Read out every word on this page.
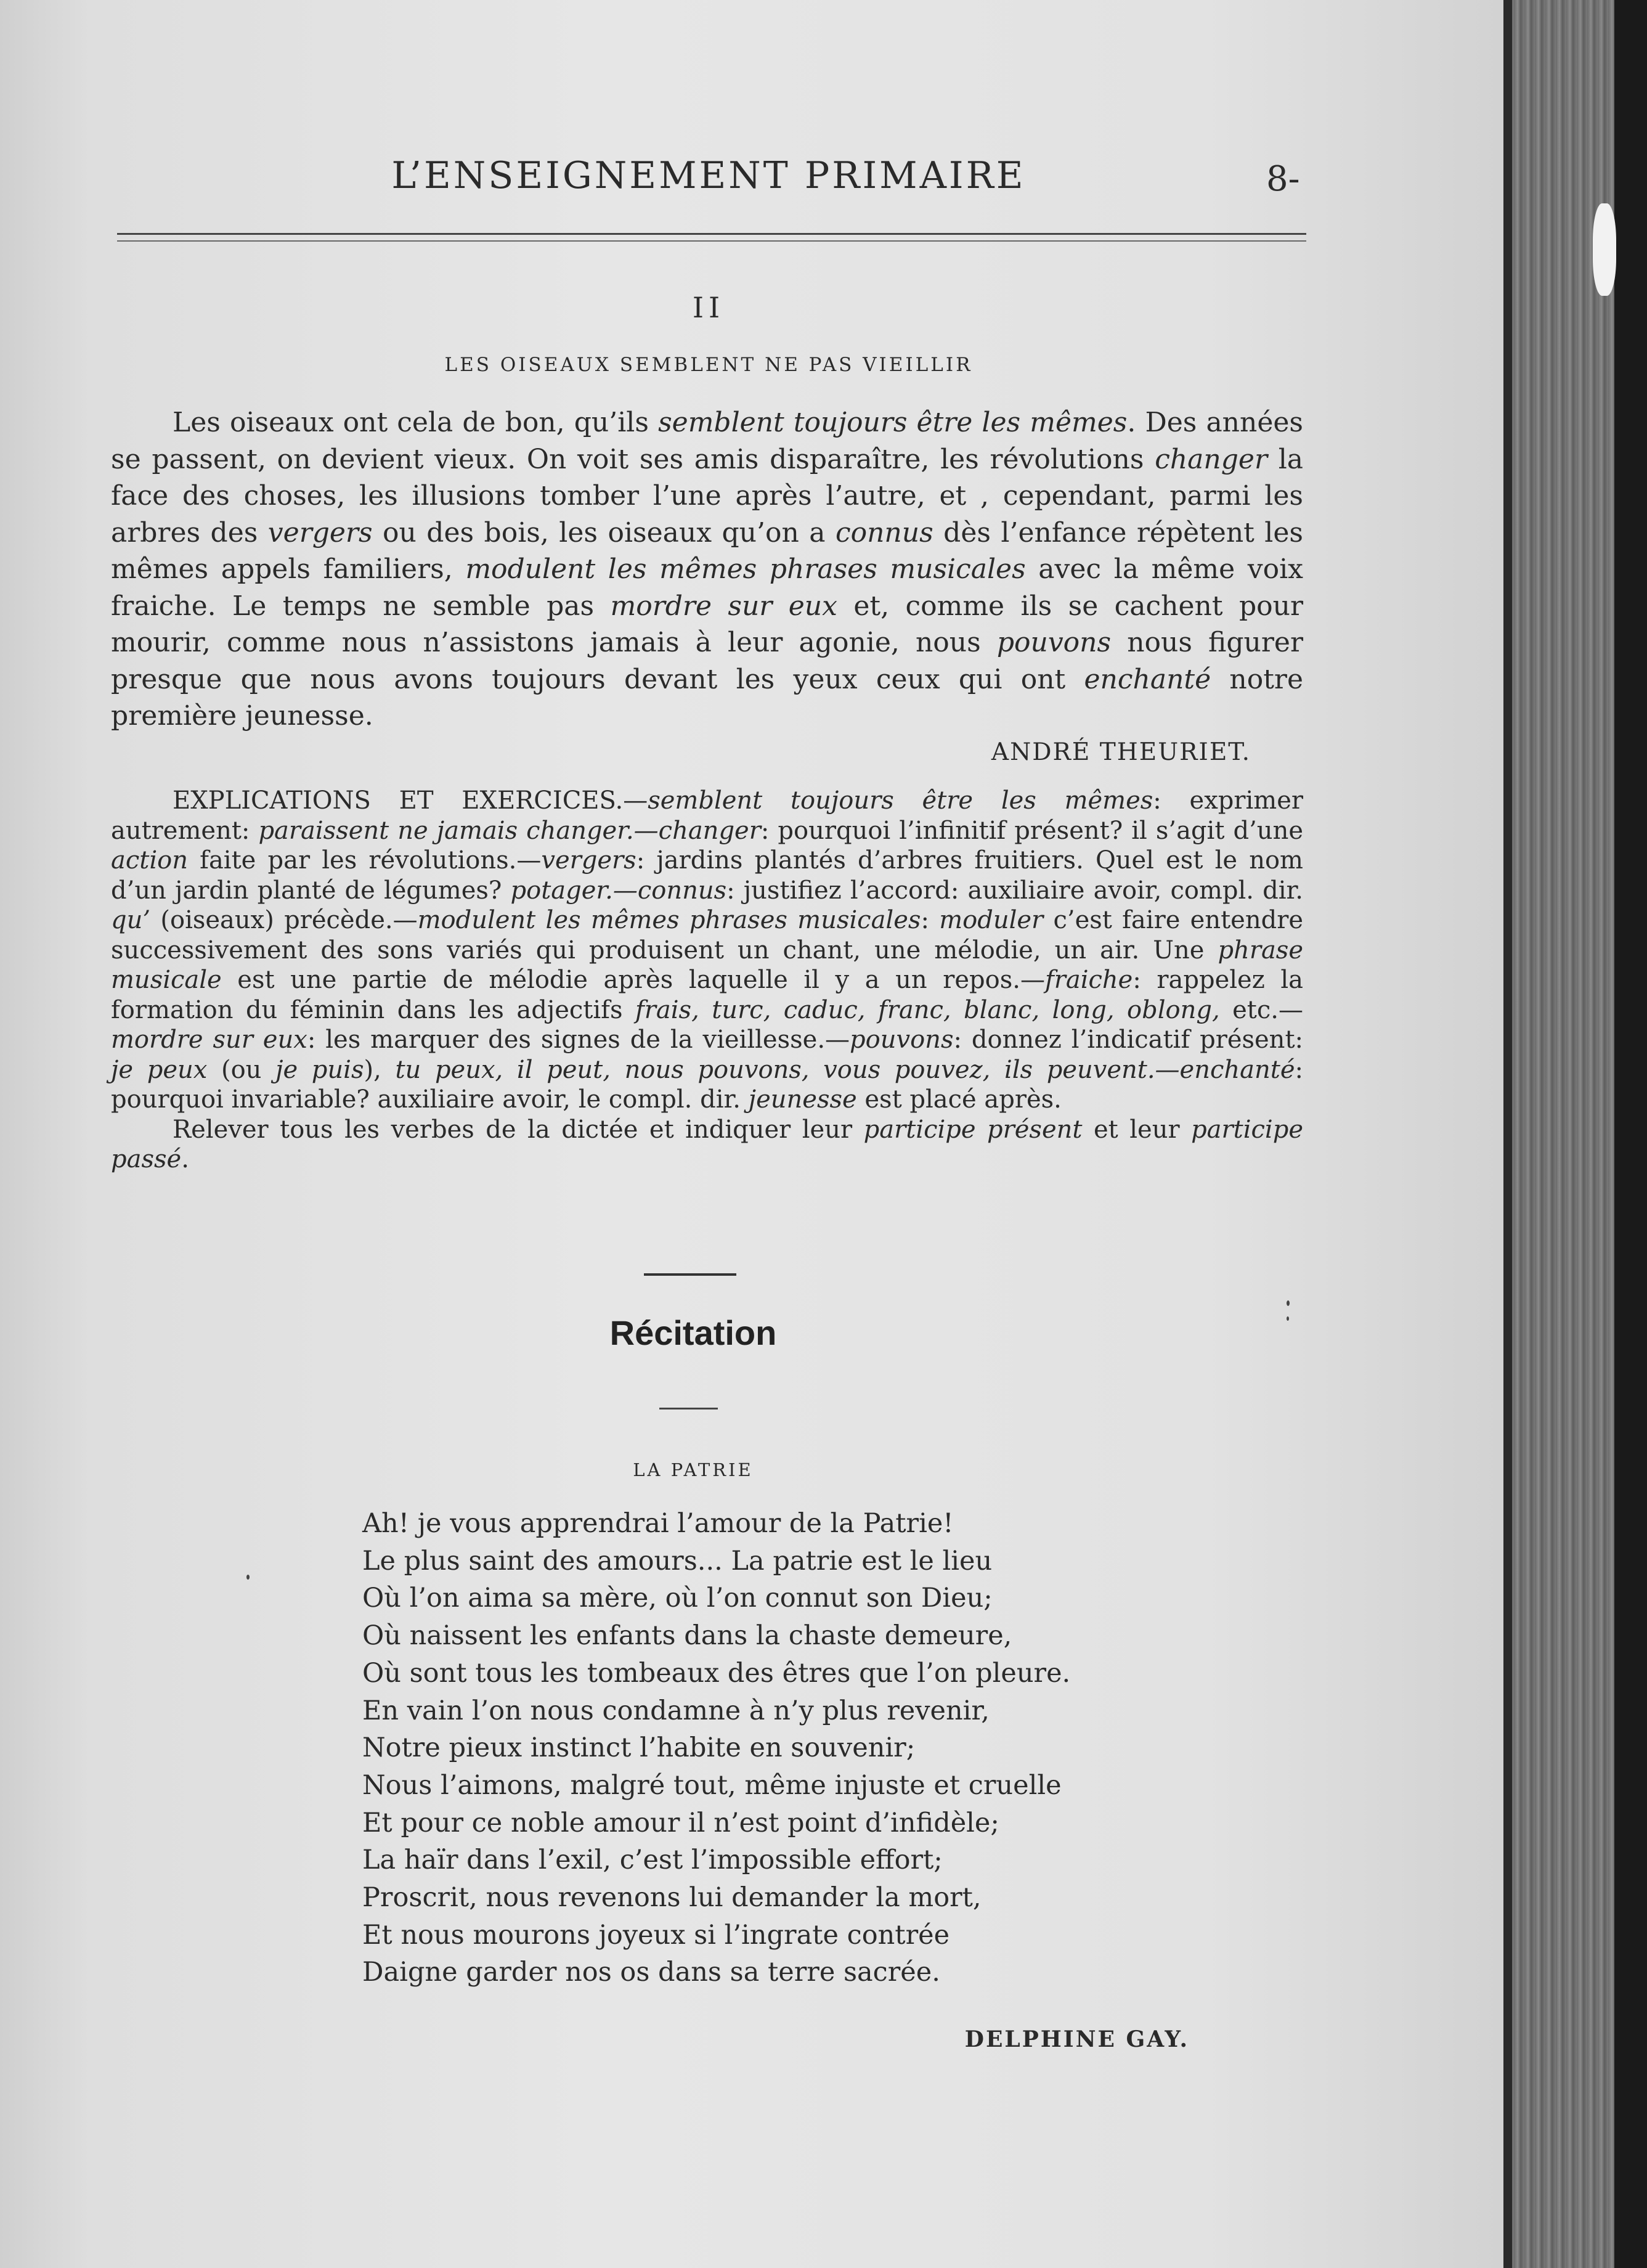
L’ENSEIGNEMENT PRIMAIRE	8-
II
LES OISEAUX SEMBLENT NE PAS VIEILLIR

Les oiseaux ont cela de bon, qu’ils semblent toujours être les mêmes. Des années se passent, on devient vieux. On voit ses amis disparaître, les révolutions changer la face des choses, les illusions tomber l’une après l’autre, et , cependant, parmi les arbres des vergers ou des bois, les oiseaux qu’on a connus dès l’enfance répètent les mêmes appels familiers, modulent les mêmes phrases musicales avec la même voix fraiche. Le temps ne semble pas mordre sur eux et, comme ils se cachent pour mourir, comme nous n’assistons jamais à leur agonie, nous pouvons nous figurer presque que nous avons toujours devant les yeux ceux qui ont enchanté notre première jeunesse.

ANDRÉ THEURIET.

EXPLICATIONS ET EXERCICES.—semblent toujours être les mêmes: exprimer autrement: paraissent ne jamais changer.—changer: pourquoi l’infinitif présent? il s’agit d’une action faite par les révolutions.—vergers: jardins plantés d’arbres fruitiers. Quel est le nom d’un jardin planté de légumes? potager.—connus: justifiez l’accord: auxiliaire avoir, compl. dir. qu’ (oiseaux) précède.—modulent les mêmes phrases musicales: moduler c’est faire entendre successivement des sons variés qui produisent un chant, une mélodie, un air. Une phrase musicale est une partie de mélodie après laquelle il y a un repos.—fraiche: rappelez la formation du féminin dans les adjectifs frais, turc, caduc, franc, blanc, long, oblong, etc.—mordre sur eux: les marquer des signes de la vieillesse.—pouvons: donnez l’indicatif présent: je peux (ou je puis), tu peux, il peut, nous pouvons, vous pouvez, ils peuvent.—enchanté: pourquoi invariable? auxiliaire avoir, le compl. dir. jeunesse est placé après.

Relever tous les verbes de la dictée et indiquer leur participe présent et leur participe passé.

Récitation
LA PATRIE
Ah! je vous apprendrai l’amour de la Patrie!
Le plus saint des amours... La patrie est le lieu
Où l’on aima sa mère, où l’on connut son Dieu;
Où naissent les enfants dans la chaste demeure,
Où sont tous les tombeaux des êtres que l’on pleure.
En vain l’on nous condamne à n’y plus revenir,
Notre pieux instinct l’habite en souvenir;
Nous l’aimons, malgré tout, même injuste et cruelle
Et pour ce noble amour il n’est point d’infidèle;
La haïr dans l’exil, c’est l’impossible effort;
Proscrit, nous revenons lui demander la mort,
Et nous mourons joyeux si l’ingrate contrée
Daigne garder nos os dans sa terre sacrée.
DELPHINE GAY.
